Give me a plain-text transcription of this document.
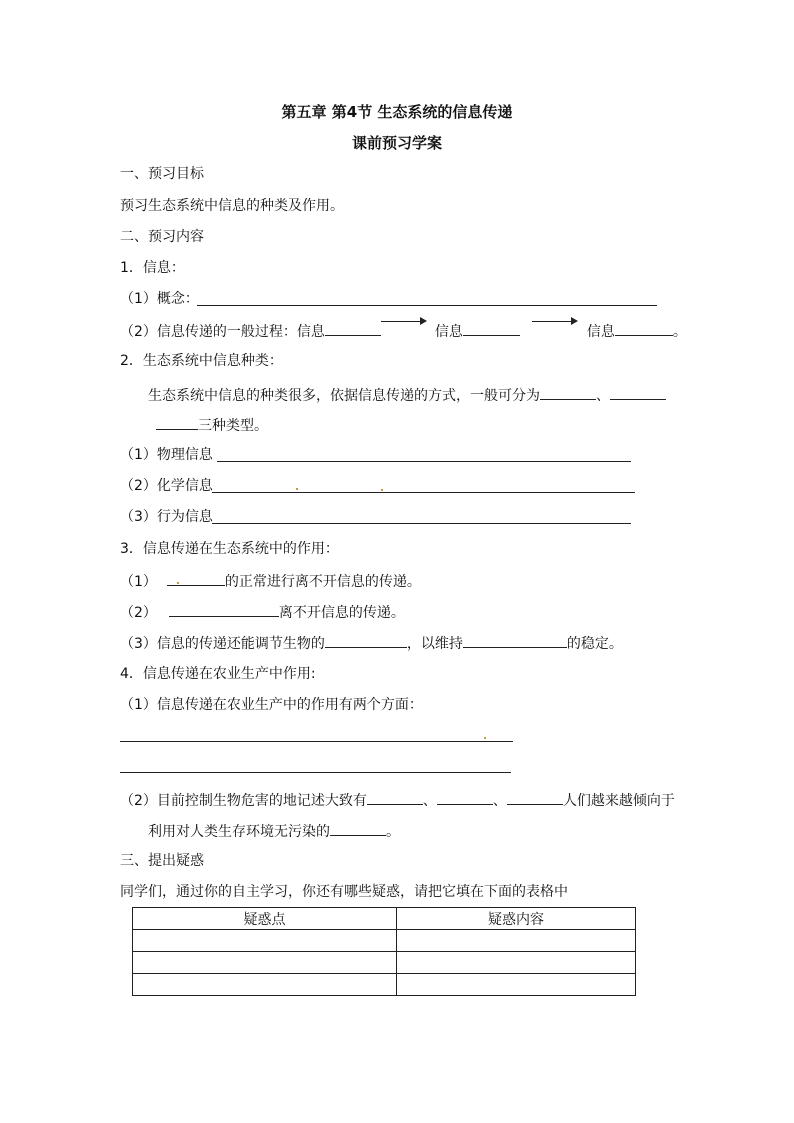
第五章 第4节 生态系统的信息传递
课前预习学案
一、预习目标
预习生态系统中信息的种类及作用。
二、预习内容
1．信息：
（1）概念：
（2）信息传递的一般过程：信息	信息	信息	。
2．生态系统中信息种类：
生态系统中信息的种类很多，依据信息传递的方式，一般可分为	、
三种类型。
（1）物理信息
（2）化学信息
（3）行为信息
3．信息传递在生态系统中的作用：
（1）	的正常进行离不开信息的传递。
（2）	离不开信息的传递。
（3）信息的传递还能调节生物的	，以维持	的稳定。
4．信息传递在农业生产中作用:
（1）信息传递在农业生产中的作用有两个方面：
（2）目前控制生物危害的地记述大致有	、	、	人们越来越倾向于
利用对人类生存环境无污染的	。
三、提出疑惑
同学们，通过你的自主学习，你还有哪些疑惑，请把它填在下面的表格中
疑惑点	疑惑内容
